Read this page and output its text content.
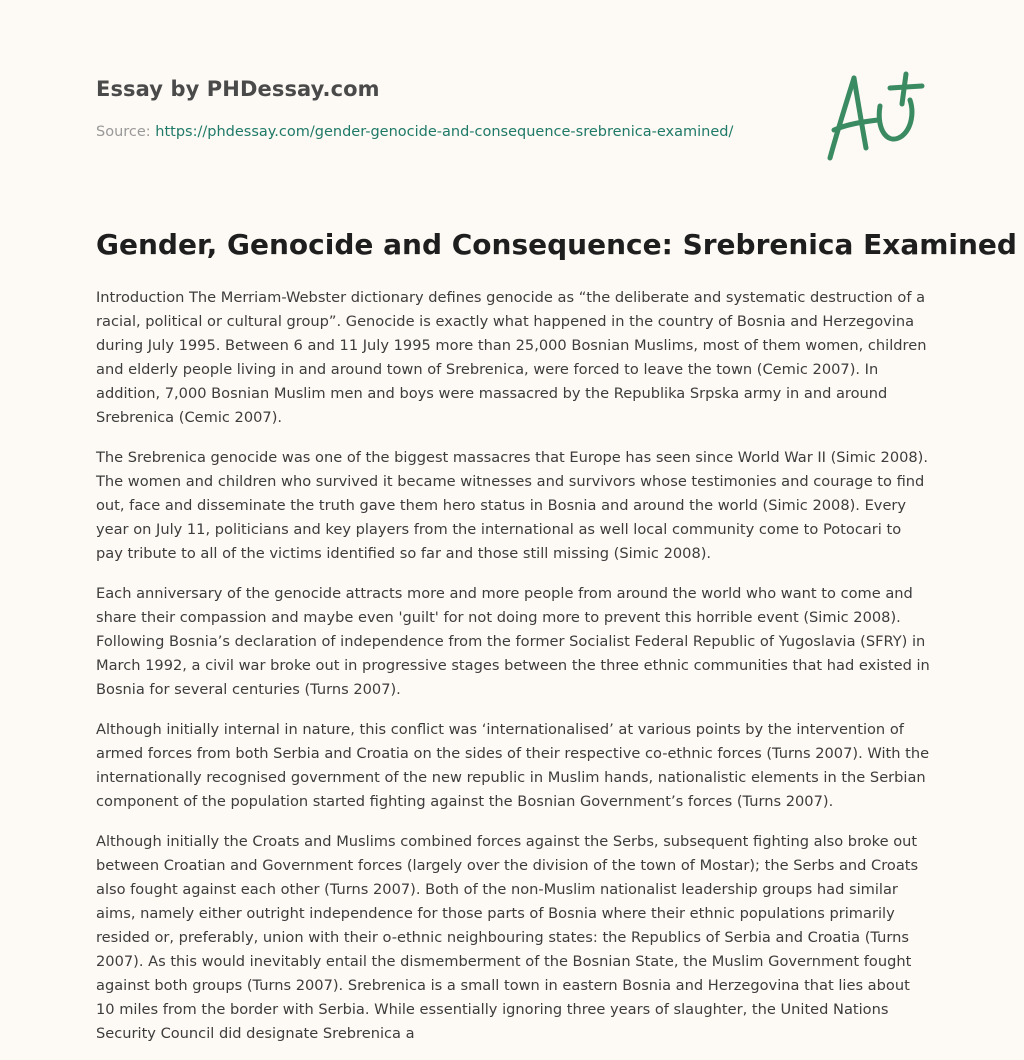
Essay by PHDessay.com
Source: https://phdessay.com/gender-genocide-and-consequence-srebrenica-examined/
Gender, Genocide and Consequence: Srebrenica Examined

Introduction The Merriam-Webster dictionary defines genocide as “the deliberate and systematic destruction of a racial, political or cultural group”. Genocide is exactly what happened in the country of Bosnia and Herzegovina during July 1995. Between 6 and 11 July 1995 more than 25,000 Bosnian Muslims, most of them women, children and elderly people living in and around town of Srebrenica, were forced to leave the town (Cemic 2007). In addition, 7,000 Bosnian Muslim men and boys were massacred by the Republika Srpska army in and around Srebrenica (Cemic 2007).

The Srebrenica genocide was one of the biggest massacres that Europe has seen since World War II (Simic 2008). The women and children who survived it became witnesses and survivors whose testimonies and courage to find out, face and disseminate the truth gave them hero status in Bosnia and around the world (Simic 2008). Every year on July 11, politicians and key players from the international as well local community come to Potocari to pay tribute to all of the victims identified so far and those still missing (Simic 2008).

Each anniversary of the genocide attracts more and more people from around the world who want to come and share their compassion and maybe even 'guilt' for not doing more to prevent this horrible event (Simic 2008). Following Bosnia’s declaration of independence from the former Socialist Federal Republic of Yugoslavia (SFRY) in March 1992, a civil war broke out in progressive stages between the three ethnic communities that had existed in Bosnia for several centuries (Turns 2007).

Although initially internal in nature, this conflict was ‘internationalised’ at various points by the intervention of armed forces from both Serbia and Croatia on the sides of their respective co-ethnic forces (Turns 2007). With the internationally recognised government of the new republic in Muslim hands, nationalistic elements in the Serbian component of the population started fighting against the Bosnian Government’s forces (Turns 2007).

Although initially the Croats and Muslims combined forces against the Serbs, subsequent fighting also broke out between Croatian and Government forces (largely over the division of the town of Mostar); the Serbs and Croats also fought against each other (Turns 2007). Both of the non-Muslim nationalist leadership groups had similar aims, namely either outright independence for those parts of Bosnia where their ethnic populations primarily resided or, preferably, union with their o-ethnic neighbouring states: the Republics of Serbia and Croatia (Turns 2007). As this would inevitably entail the dismemberment of the Bosnian State, the Muslim Government fought against both groups (Turns 2007). Srebrenica is a small town in eastern Bosnia and Herzegovina that lies about 10 miles from the border with Serbia. While essentially ignoring three years of slaughter, the United Nations Security Council did designate Srebrenica a
